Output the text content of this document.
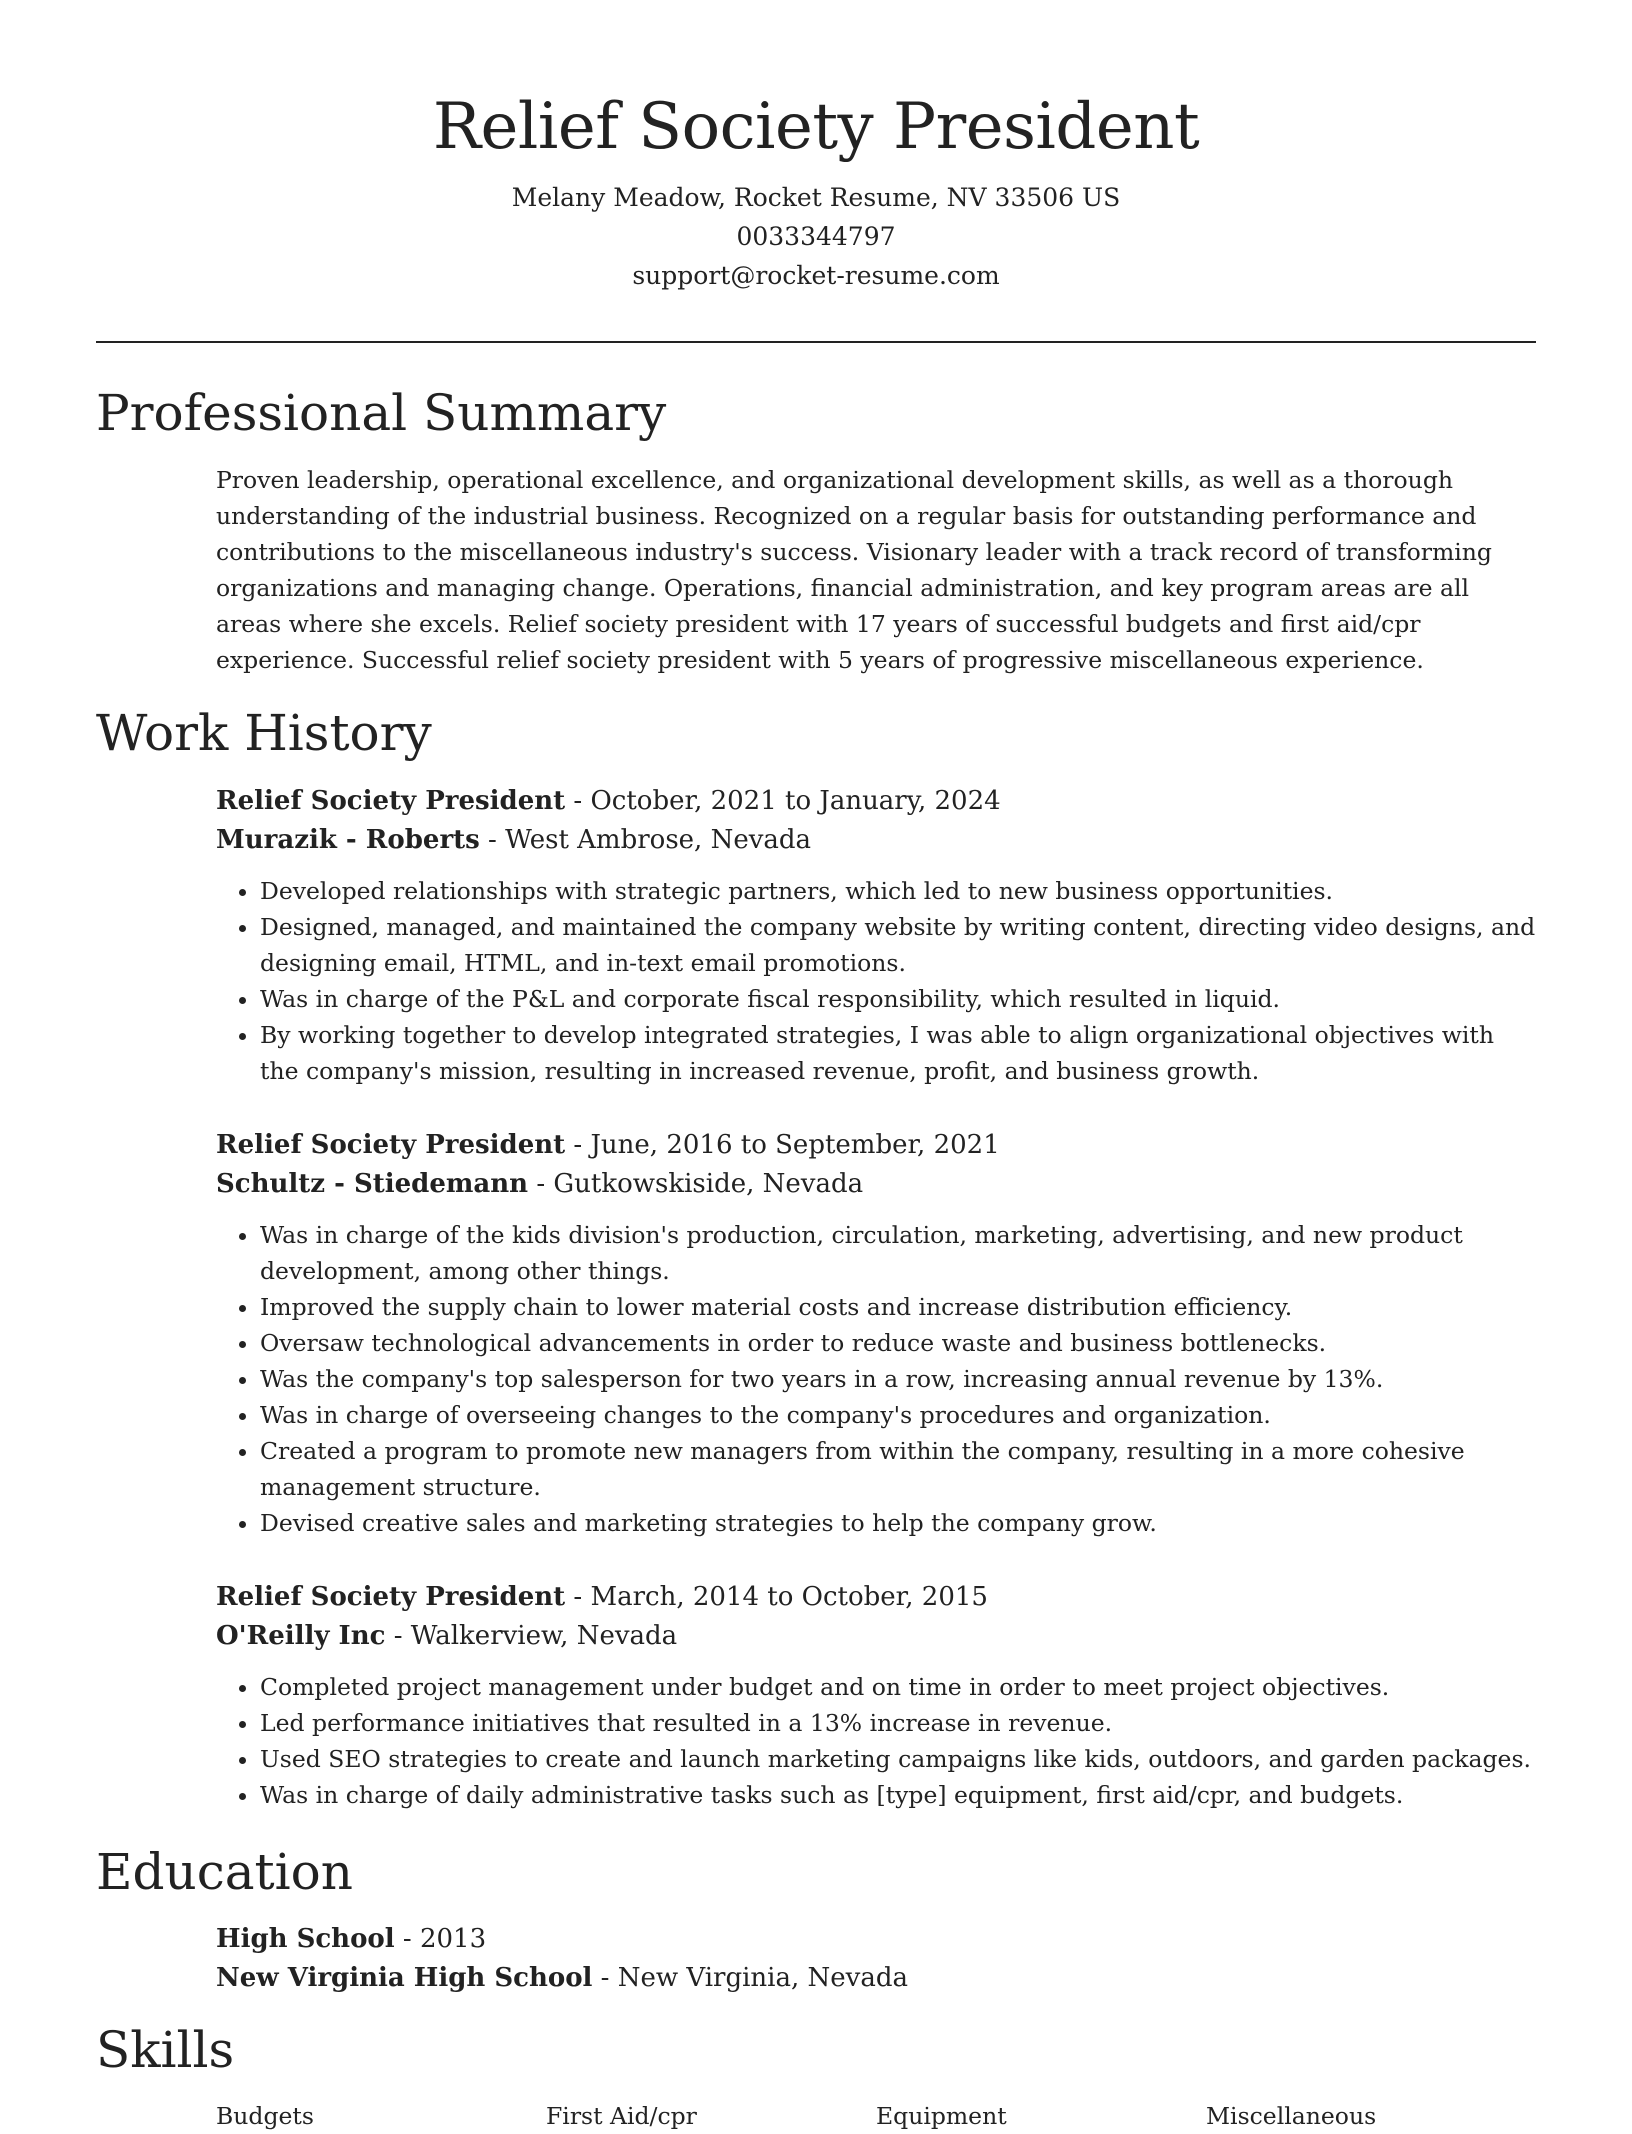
Relief Society President

Melany Meadow, Rocket Resume, NV 33506 US

0033344797

support@rocket-resume.com

Professional Summary

Proven leadership, operational excellence, and organizational development skills, as well as a thorough understanding of the industrial business. Recognized on a regular basis for outstanding performance and contributions to the miscellaneous industry's success. Visionary leader with a track record of transforming organizations and managing change. Operations, financial administration, and key program areas are all areas where she excels. Relief society president with 17 years of successful budgets and first aid/cpr experience. Successful relief society president with 5 years of progressive miscellaneous experience.

Work History

Relief Society President - October, 2021 to January, 2024

Murazik - Roberts - West Ambrose, Nevada

• Developed relationships with strategic partners, which led to new business opportunities.
• Designed, managed, and maintained the company website by writing content, directing video designs, and designing email, HTML, and in-text email promotions.
• Was in charge of the P&L and corporate fiscal responsibility, which resulted in liquid.
• By working together to develop integrated strategies, I was able to align organizational objectives with the company's mission, resulting in increased revenue, profit, and business growth.

Relief Society President - June, 2016 to September, 2021

Schultz - Stiedemann - Gutkowskiside, Nevada

• Was in charge of the kids division's production, circulation, marketing, advertising, and new product development, among other things.
• Improved the supply chain to lower material costs and increase distribution efficiency.
• Oversaw technological advancements in order to reduce waste and business bottlenecks.
• Was the company's top salesperson for two years in a row, increasing annual revenue by 13%.
• Was in charge of overseeing changes to the company's procedures and organization.
• Created a program to promote new managers from within the company, resulting in a more cohesive management structure.
• Devised creative sales and marketing strategies to help the company grow.

Relief Society President - March, 2014 to October, 2015

O'Reilly Inc - Walkerview, Nevada

• Completed project management under budget and on time in order to meet project objectives.
• Led performance initiatives that resulted in a 13% increase in revenue.
• Used SEO strategies to create and launch marketing campaigns like kids, outdoors, and garden packages.
• Was in charge of daily administrative tasks such as [type] equipment, first aid/cpr, and budgets.
Education

High School - 2013

New Virginia High School - New Virginia, Nevada

Skills
Budgets	First Aid/cpr	Equipment	Miscellaneous
